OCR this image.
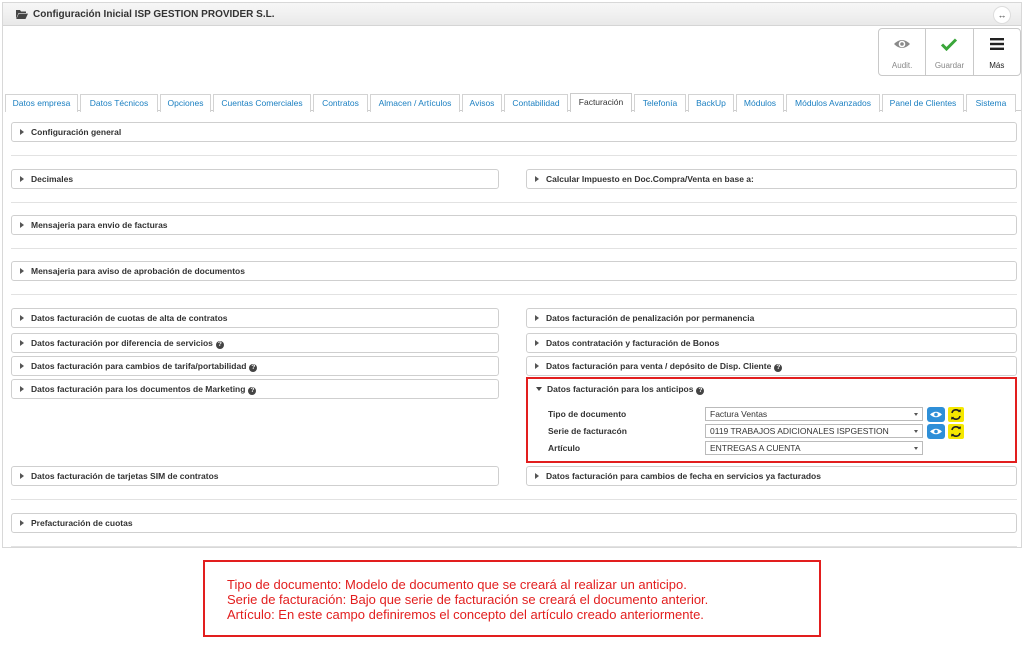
Configuración Inicial ISP GESTION PROVIDER S.L.	↔
Audit.	Guardar	Más
Datos empresa	Datos Técnicos	Opciones	Cuentas Comerciales	Contratos	Almacen / Artículos	Avisos	Contabilidad	Facturación	Telefonía	BackUp	Módulos	Módulos Avanzados	Panel de Clientes	Sistema
Configuración general
Decimales	Calcular Impuesto en Doc.Compra/Venta en base a:
Mensajeria para envio de facturas
Mensajeria para aviso de aprobación de documentos
Datos facturación de cuotas de alta de contratos	Datos facturación de penalización por permanencia
Datos facturación por diferencia de servicios ?	Datos contratación y facturación de Bonos
Datos facturación para cambios de tarifa/portabilidad ?	Datos facturación para venta / depósito de Disp. Cliente ?
Datos facturación para los documentos de Marketing ?	Datos facturación para los anticipos ?
Tipo de documento	Factura Ventas
Serie de facturacón	0119 TRABAJOS ADICIONALES ISPGESTION
Artículo	ENTREGAS A CUENTA
Datos facturación de tarjetas SIM de contratos	Datos facturación para cambios de fecha en servicios ya facturados
Prefacturación de cuotas
Tipo de documento: Modelo de documento que se creará al realizar un anticipo.
Serie de facturación: Bajo que serie de facturación se creará el documento anterior.
Artículo: En este campo definiremos el concepto del artículo creado anteriormente.
